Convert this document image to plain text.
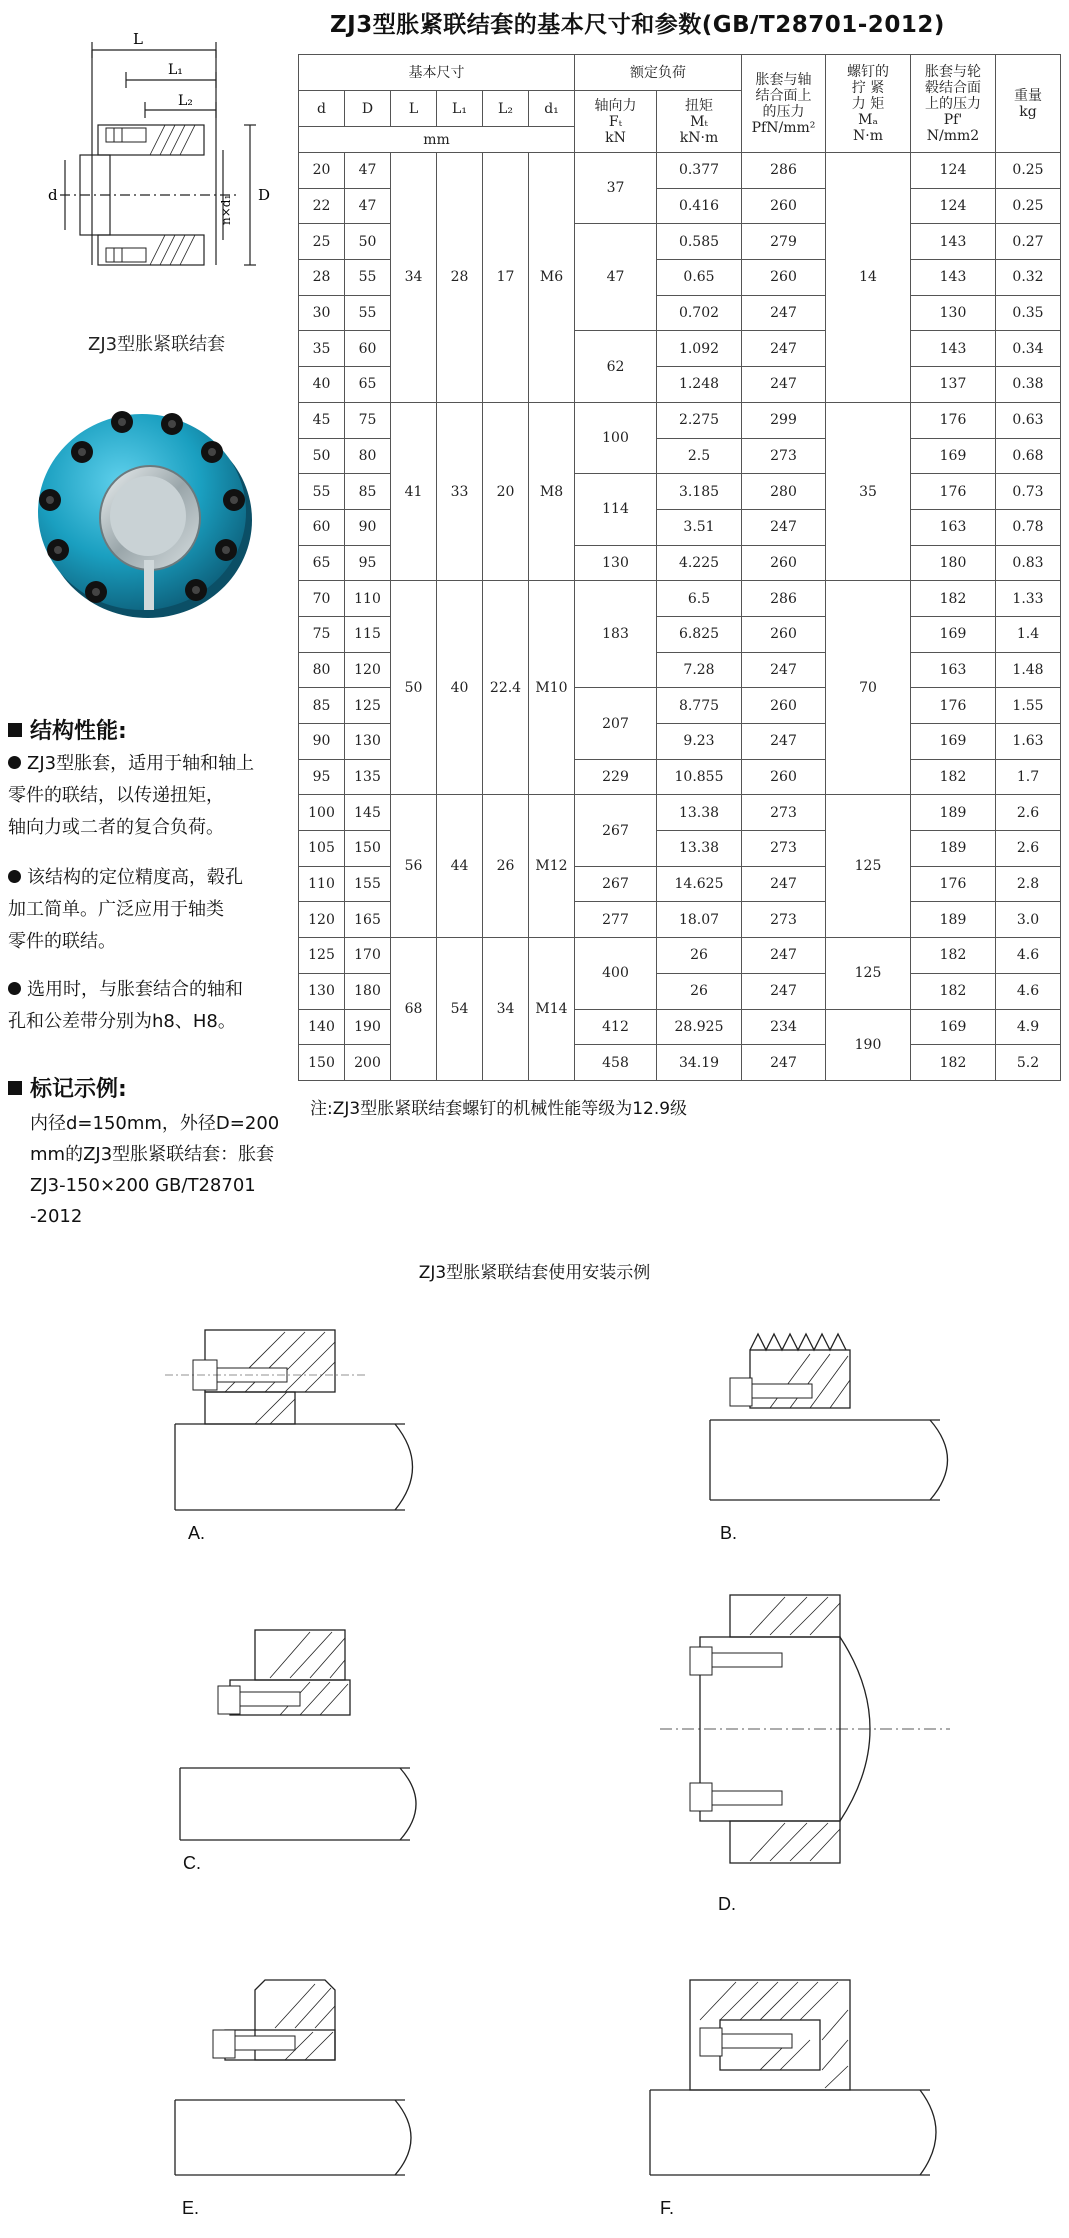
L
L₁
L₂
d	D
n×d₁
ZJ3型胀紧联结套
结构性能:
ZJ3型胀套，适用于轴和轴上
零件的联结，以传递扭矩，
轴向力或二者的复合负荷。
该结构的定位精度高，毂孔
加工简单。广泛应用于轴类
零件的联结。
选用时，与胀套结合的轴和
孔和公差带分别为h8、H8。
标记示例:
内径d=150mm，外径D=200
mm的ZJ3型胀紧联结套：胀套
ZJ3-150×200 GB/T28701
-2012
ZJ3型胀紧联结套的基本尺寸和参数(GB/T28701-2012)
基本尺寸						额定负荷		胀套与轴
结合面上
的压力
PfN/mm²	螺钉的
拧 紧
力 矩
Mₐ
N·m	胀套与轮
毂结合面
上的压力
Pf'
N/mm2	重量
kg
d	D	L	L₁	L₂	d₁	轴向力
Fₜ
kN	扭矩
Mₜ
kN·m				
mm											
20	47	34	28	17	M6	37	0.377	286	14	124	0.25
22	47						0.416	260		124	0.25
25	50					47	0.585	279		143	0.27
28	55						0.65	260		143	0.32
30	55						0.702	247		130	0.35
35	60					62	1.092	247		143	0.34
40	65						1.248	247		137	0.38
45	75	41	33	20	M8	100	2.275	299	35	176	0.63
50	80						2.5	273		169	0.68
55	85					114	3.185	280		176	0.73
60	90						3.51	247		163	0.78
65	95					130	4.225	260		180	0.83
70	110	50	40	22.4	M10	183	6.5	286	70	182	1.33
75	115						6.825	260		169	1.4
80	120						7.28	247		163	1.48
85	125					207	8.775	260		176	1.55
90	130						9.23	247		169	1.63
95	135					229	10.855	260		182	1.7
100	145	56	44	26	M12	267	13.38	273	125	189	2.6
105	150						13.38	273		189	2.6
110	155					267	14.625	247		176	2.8
120	165					277	18.07	273		189	3.0
125	170	68	54	34	M14	400	26	247	125	182	4.6
130	180						26	247		182	4.6
140	190					412	28.925	234	190	169	4.9
150	200					458	34.19	247		182	5.2
注:ZJ3型胀紧联结套螺钉的机械性能等级为12.9级
ZJ3型胀紧联结套使用安装示例
A.	B.
C.
D.
E.	F.
